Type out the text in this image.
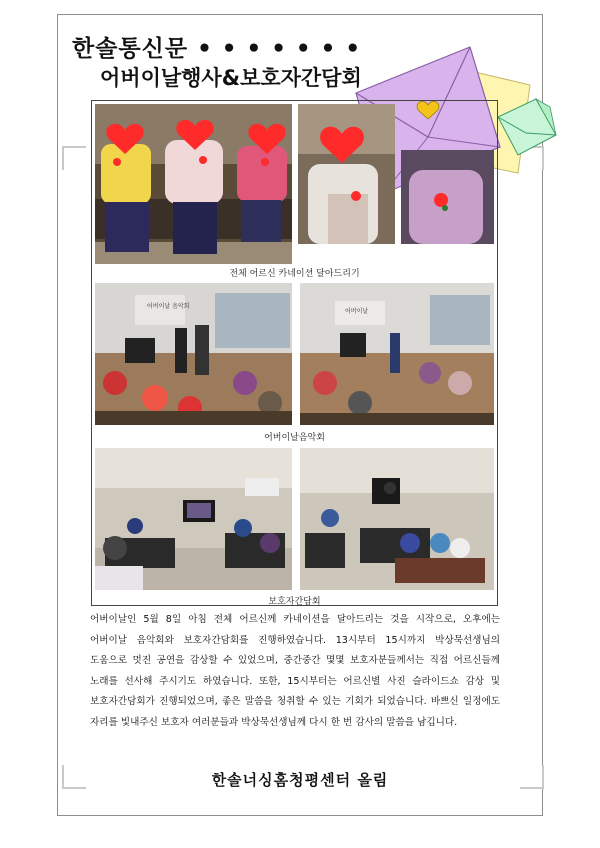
한솔통신문 • • • • • • •
어버이날행사&보호자간담회
전체 어르신 카네이션 달아드리기
어버이날 음악회
어버이날
어버이날음악회
보호자간담회
어버이날인 5월 8일 아침 전체 어르신께 카네이션을 달아드리는 것을 시작으로, 오후에는 어버이날 음악회와 보호자간담회를 진행하였습니다. 13시부터 15시까지 박상묵선생님의 도움으로 멋진 공연을 감상할 수 있었으며, 중간중간 몇몇 보호자분들께서는 직접 어르신들께 노래를 선사해 주시기도 하였습니다. 또한, 15시부터는 어르신별 사진 슬라이드쇼 감상 및 보호자간담회가 진행되었으며, 좋은 말씀을 청취할 수 있는 기회가 되었습니다. 바쁘신 일정에도 자리를 빛내주신 보호자 여러분들과 박상묵선생님께 다시 한 번 감사의 말씀을 남깁니다.
한솔너싱홈청평센터 올림
